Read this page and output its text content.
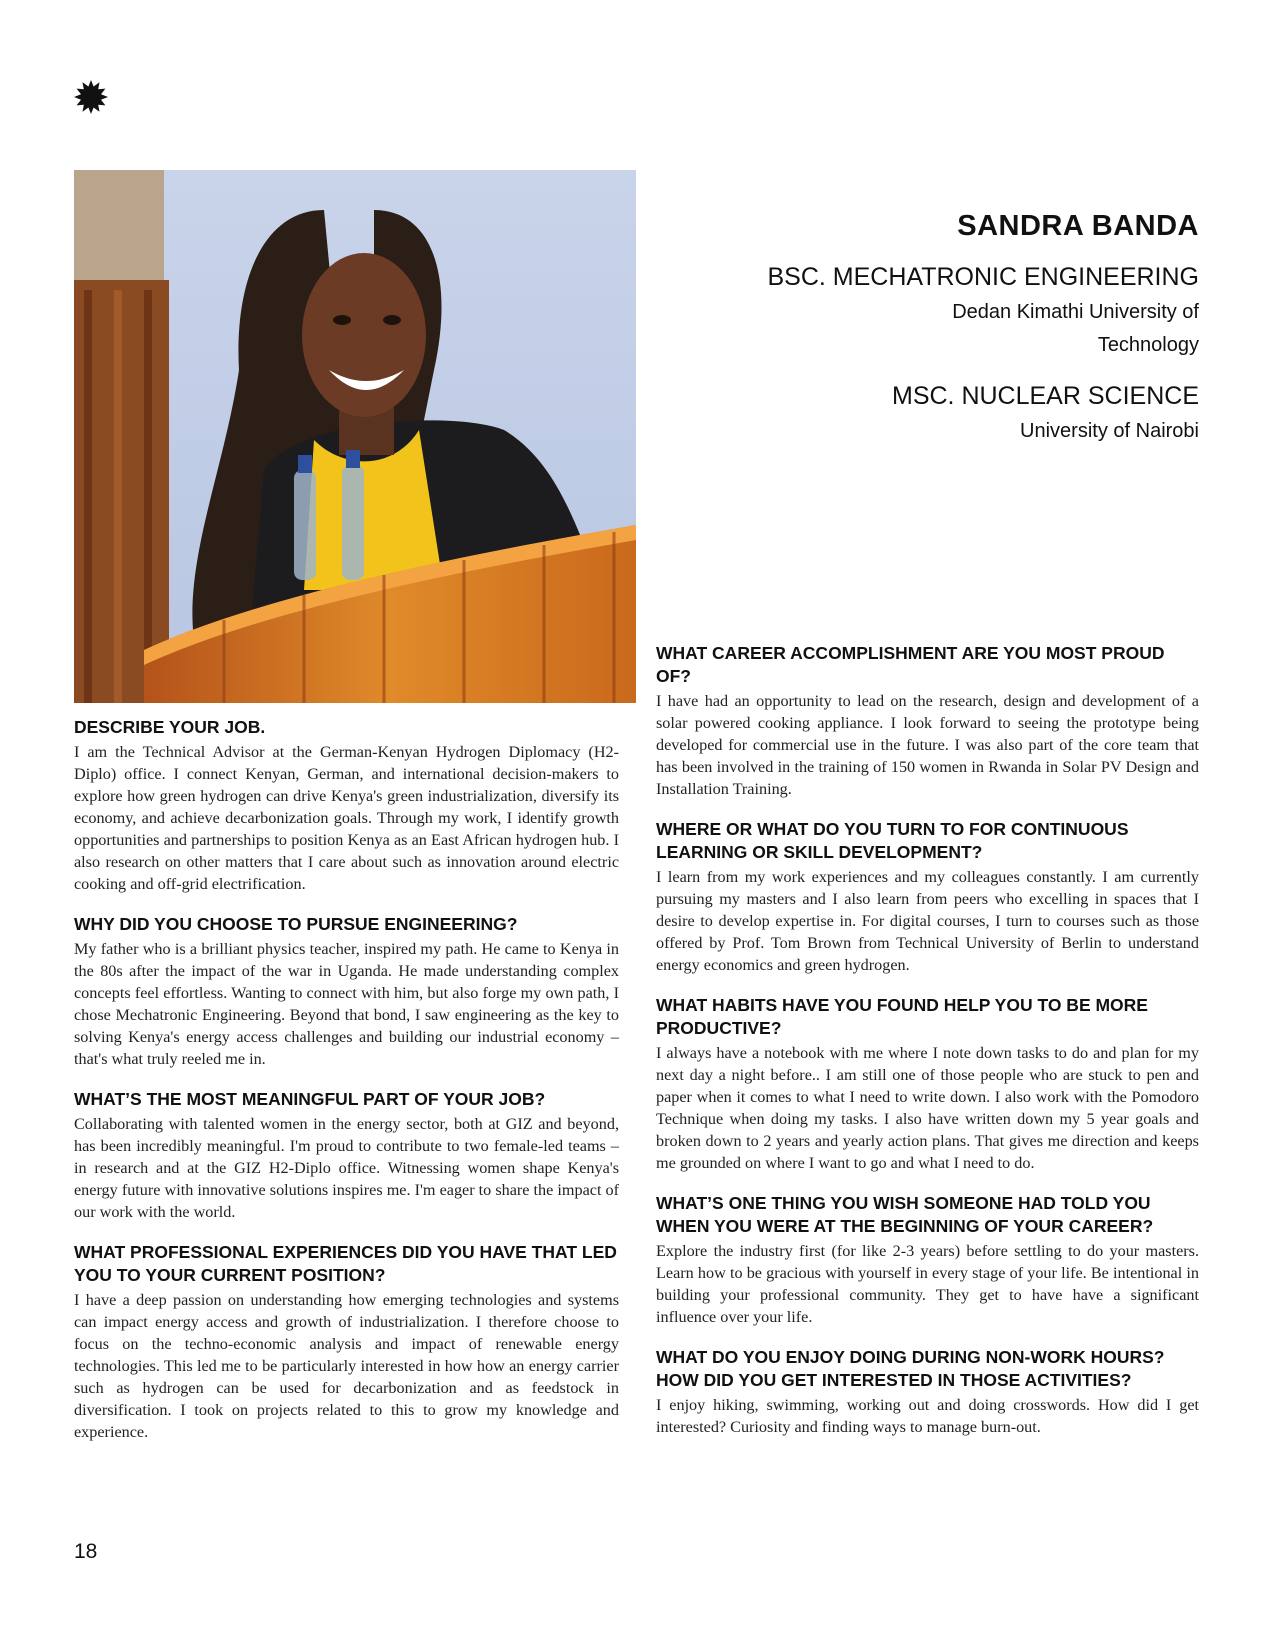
SANDRA BANDA
BSC. MECHATRONIC ENGINEERING
Dedan Kimathi University of Technology
MSC. NUCLEAR SCIENCE
University of Nairobi
DESCRIBE YOUR JOB.

I am the Technical Advisor at the German-Kenyan Hydrogen Diplomacy (H2-Diplo) office. I connect Kenyan, German, and international decision-makers to explore how green hydrogen can drive Kenya's green industrialization, diversify its economy, and achieve decarbonization goals. Through my work, I identify growth opportunities and partnerships to position Kenya as an East African hydrogen hub. I also research on other matters that I care about such as innovation around electric cooking and off-grid electrification.

WHY DID YOU CHOOSE TO PURSUE ENGINEERING?

My father who is a brilliant physics teacher, inspired my path. He came to Kenya in the 80s after the impact of the war in Uganda. He made understanding complex concepts feel effortless. Wanting to connect with him, but also forge my own path, I chose Mechatronic Engineering. Beyond that bond, I saw engineering as the key to solving Kenya's energy access challenges and building our industrial economy – that's what truly reeled me in.

WHAT’S THE MOST MEANINGFUL PART OF YOUR JOB?

Collaborating with talented women in the energy sector, both at GIZ and beyond, has been incredibly meaningful. I'm proud to contribute to two female-led teams – in research and at the GIZ H2-Diplo office. Witnessing women shape Kenya's energy future with innovative solutions inspires me. I'm eager to share the impact of our work with the world.

WHAT PROFESSIONAL EXPERIENCES DID YOU HAVE THAT LED YOU TO YOUR CURRENT POSITION?

I have a deep passion on understanding how emerging technologies and systems can impact energy access and growth of industrialization. I therefore choose to focus on the techno-economic analysis and impact of renewable energy technologies. This led me to be particularly interested in how how an energy carrier such as hydrogen can be used for decarbonization and as feedstock in diversification. I took on projects related to this to grow my knowledge and experience.

WHAT CAREER ACCOMPLISHMENT ARE YOU MOST PROUD OF?

I have had an opportunity to lead on the research, design and development of a solar powered cooking appliance. I look forward to seeing the prototype being developed for commercial use in the future. I was also part of the core team that has been involved in the training of 150 women in Rwanda in Solar PV Design and Installation Training.

WHERE OR WHAT DO YOU TURN TO FOR CONTINUOUS LEARNING OR SKILL DEVELOPMENT?

I learn from my work experiences and my colleagues constantly. I am currently pursuing my masters and I also learn from peers who excelling in spaces that I desire to develop expertise in. For digital courses, I turn to courses such as those offered by Prof. Tom Brown from Technical University of Berlin to understand energy economics and green hydrogen.

WHAT HABITS HAVE YOU FOUND HELP YOU TO BE MORE PRODUCTIVE?

I always have a notebook with me where I note down tasks to do and plan for my next day a night before.. I am still one of those people who are stuck to pen and paper when it comes to what I need to write down. I also work with the Pomodoro Technique when doing my tasks. I also have written down my 5 year goals and broken down to 2 years and yearly action plans. That gives me direction and keeps me grounded on where I want to go and what I need to do.

WHAT’S ONE THING YOU WISH SOMEONE HAD TOLD YOU WHEN YOU WERE AT THE BEGINNING OF YOUR CAREER?

Explore the industry first (for like 2-3 years) before settling to do your masters. Learn how to be gracious with yourself in every stage of your life. Be intentional in building your professional community. They get to have have a significant influence over your life.

WHAT DO YOU ENJOY DOING DURING NON-WORK HOURS? HOW DID YOU GET INTERESTED IN THOSE ACTIVITIES?

I enjoy hiking, swimming, working out and doing crosswords. How did I get interested? Curiosity and finding ways to manage burn-out.

18
